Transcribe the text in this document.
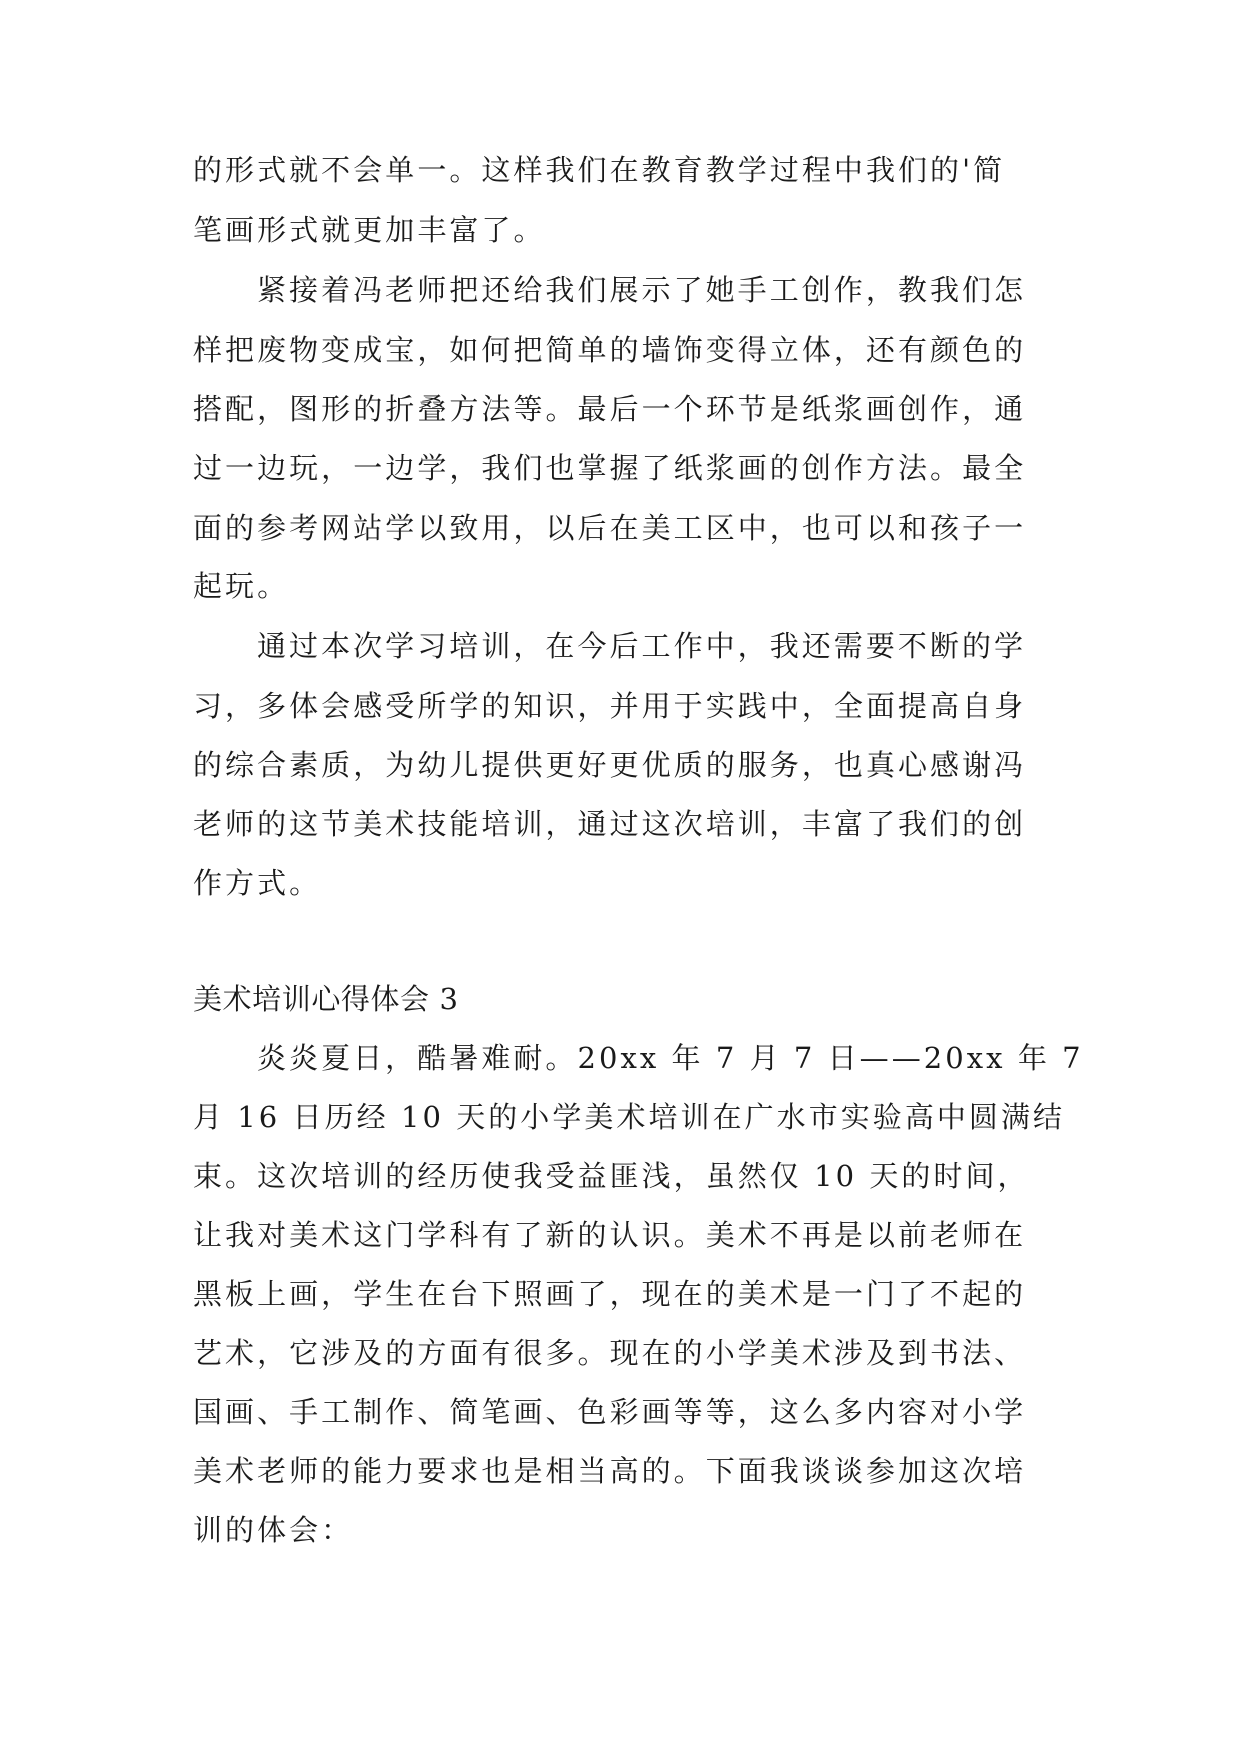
的形式就不会单一。这样我们在教育教学过程中我们的'简
笔画形式就更加丰富了。
紧接着冯老师把还给我们展示了她手工创作，教我们怎
样把废物变成宝，如何把简单的墙饰变得立体，还有颜色的
搭配，图形的折叠方法等。最后一个环节是纸浆画创作，通
过一边玩，一边学，我们也掌握了纸浆画的创作方法。最全
面的参考网站学以致用，以后在美工区中，也可以和孩子一
起玩。
通过本次学习培训，在今后工作中，我还需要不断的学
习，多体会感受所学的知识，并用于实践中，全面提高自身
的综合素质，为幼儿提供更好更优质的服务，也真心感谢冯
老师的这节美术技能培训，通过这次培训，丰富了我们的创
作方式。
美术培训心得体会 3
炎炎夏日，酷暑难耐。20xx 年 7 月 7 日——20xx 年 7
月 16 日历经 10 天的小学美术培训在广水市实验高中圆满结
束。这次培训的经历使我受益匪浅，虽然仅 10 天的时间，
让我对美术这门学科有了新的认识。美术不再是以前老师在
黑板上画，学生在台下照画了，现在的美术是一门了不起的
艺术，它涉及的方面有很多。现在的小学美术涉及到书法、
国画、手工制作、简笔画、色彩画等等，这么多内容对小学
美术老师的能力要求也是相当高的。下面我谈谈参加这次培
训的体会：
